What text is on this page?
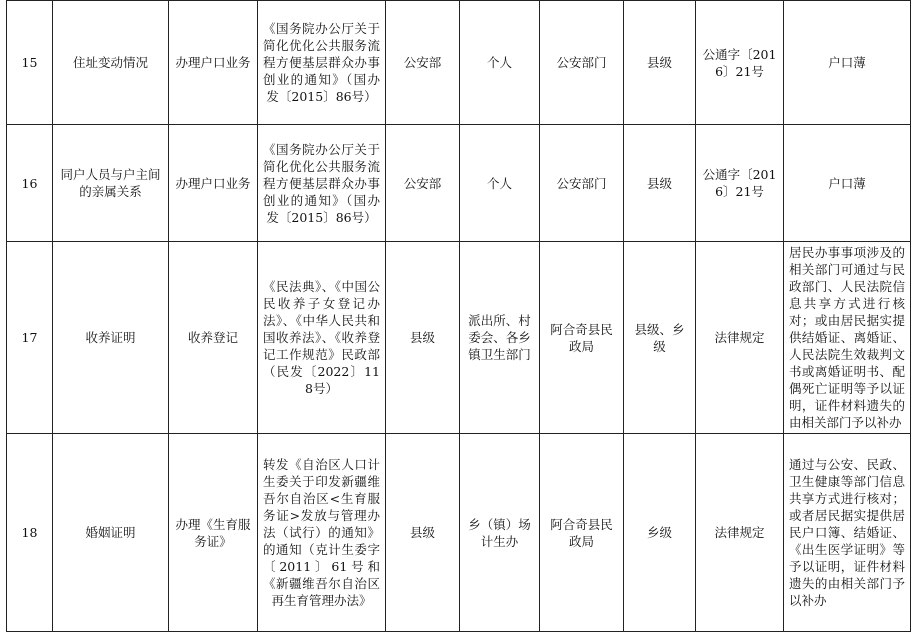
15	住址变动情况	办理户口业务	《国务院办公厅关于简化优化公共服务流程方便基层群众办事创业的通知》（国办发〔2015〕86号）	公安部	个人	公安部门	县级	公通字〔2016〕21号	户口薄
16	同户人员与户主间的亲属关系	办理户口业务	《国务院办公厅关于简化优化公共服务流程方便基层群众办事创业的通知》（国办发〔2015〕86号）	公安部	个人	公安部门	县级	公通字〔2016〕21号	户口薄
17	收养证明	收养登记	《民法典》、《中国公民收养子女登记办法》、《中华人民共和国收养法》、《收养登记工作规范》民政部（民发〔2022〕118号）	县级	派出所、村委会、各乡镇卫生部门	阿合奇县民政局	县级、乡级	法律规定	居民办事事项涉及的相关部门可通过与民政部门、人民法院信息共享方式进行核对；或由居民据实提供结婚证、离婚证、人民法院生效裁判文书或离婚证明书、配偶死亡证明等予以证明，证件材料遗失的由相关部门予以补办
18	婚姻证明	办理《生育服务证》	转发《自治区人口计生委关于印发新疆维吾尔自治区<生育服务证>发放与管理办法（试行）的通知》的通知（克计生委字〔2011〕61号和《新疆维吾尔自治区再生育管理办法》	县级	乡（镇）场计生办	阿合奇县民政局	乡级	法律规定	通过与公安、民政、卫生健康等部门信息共享方式进行核对；或者居民据实提供居民户口簿、结婚证、《出生医学证明》等予以证明，证件材料遗失的由相关部门予以补办
